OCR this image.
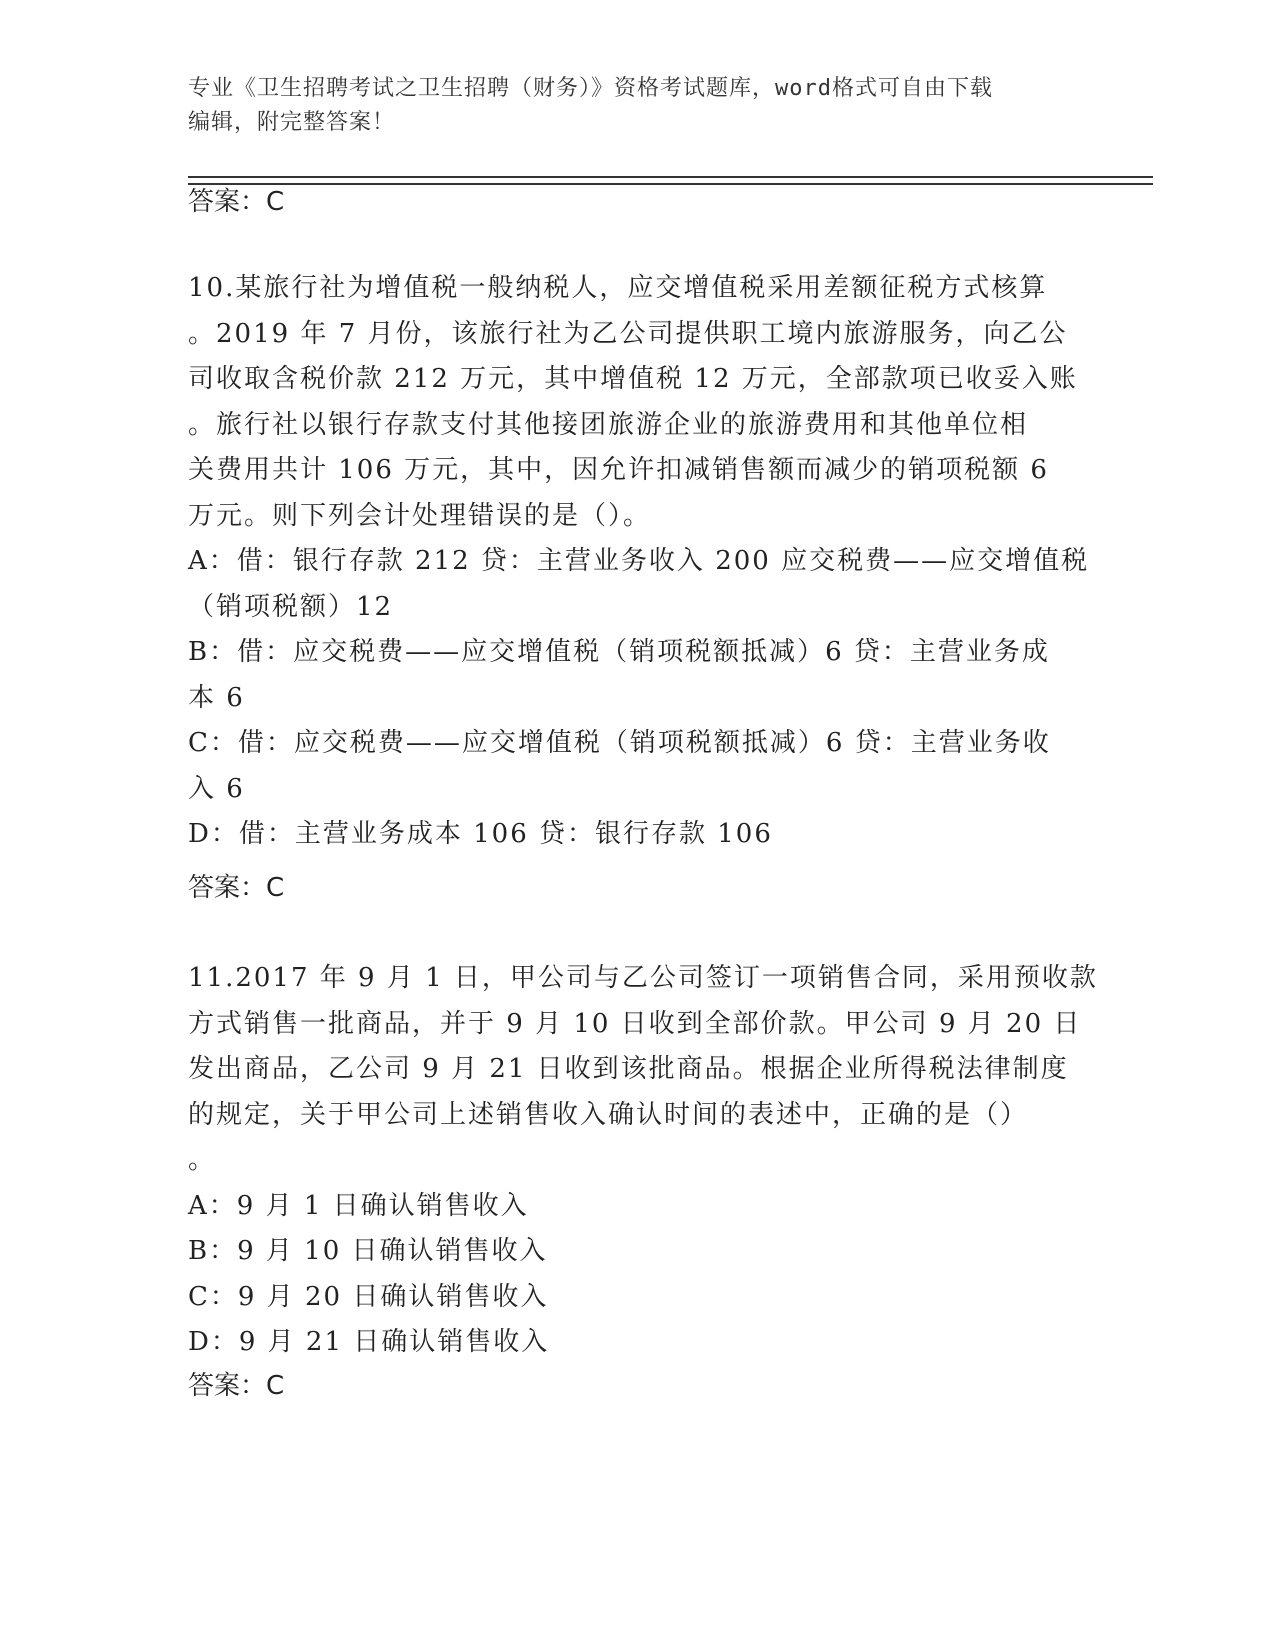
专业《卫生招聘考试之卫生招聘（财务）》资格考试题库，word格式可自由下载
编辑，附完整答案！
答案：C
10.某旅行社为增值税一般纳税人，应交增值税采用差额征税方式核算
。2019 年 7 月份，该旅行社为乙公司提供职工境内旅游服务，向乙公
司收取含税价款 212 万元，其中增值税 12 万元，全部款项已收妥入账
。旅行社以银行存款支付其他接团旅游企业的旅游费用和其他单位相
关费用共计 106 万元，其中，因允许扣减销售额而减少的销项税额 6
万元。则下列会计处理错误的是（）。
A：借：银行存款 212 贷：主营业务收入 200 应交税费——应交增值税
（销项税额）12
B：借：应交税费——应交增值税（销项税额抵减）6 贷：主营业务成
本 6
C：借：应交税费——应交增值税（销项税额抵减）6 贷：主营业务收
入 6
D：借：主营业务成本 106 贷：银行存款 106
答案：C
11.2017 年 9 月 1 日，甲公司与乙公司签订一项销售合同，采用预收款
方式销售一批商品，并于 9 月 10 日收到全部价款。甲公司 9 月 20 日
发出商品，乙公司 9 月 21 日收到该批商品。根据企业所得税法律制度
的规定，关于甲公司上述销售收入确认时间的表述中，正确的是（）
。
A：9 月 1 日确认销售收入
B：9 月 10 日确认销售收入
C：9 月 20 日确认销售收入
D：9 月 21 日确认销售收入
答案：C
